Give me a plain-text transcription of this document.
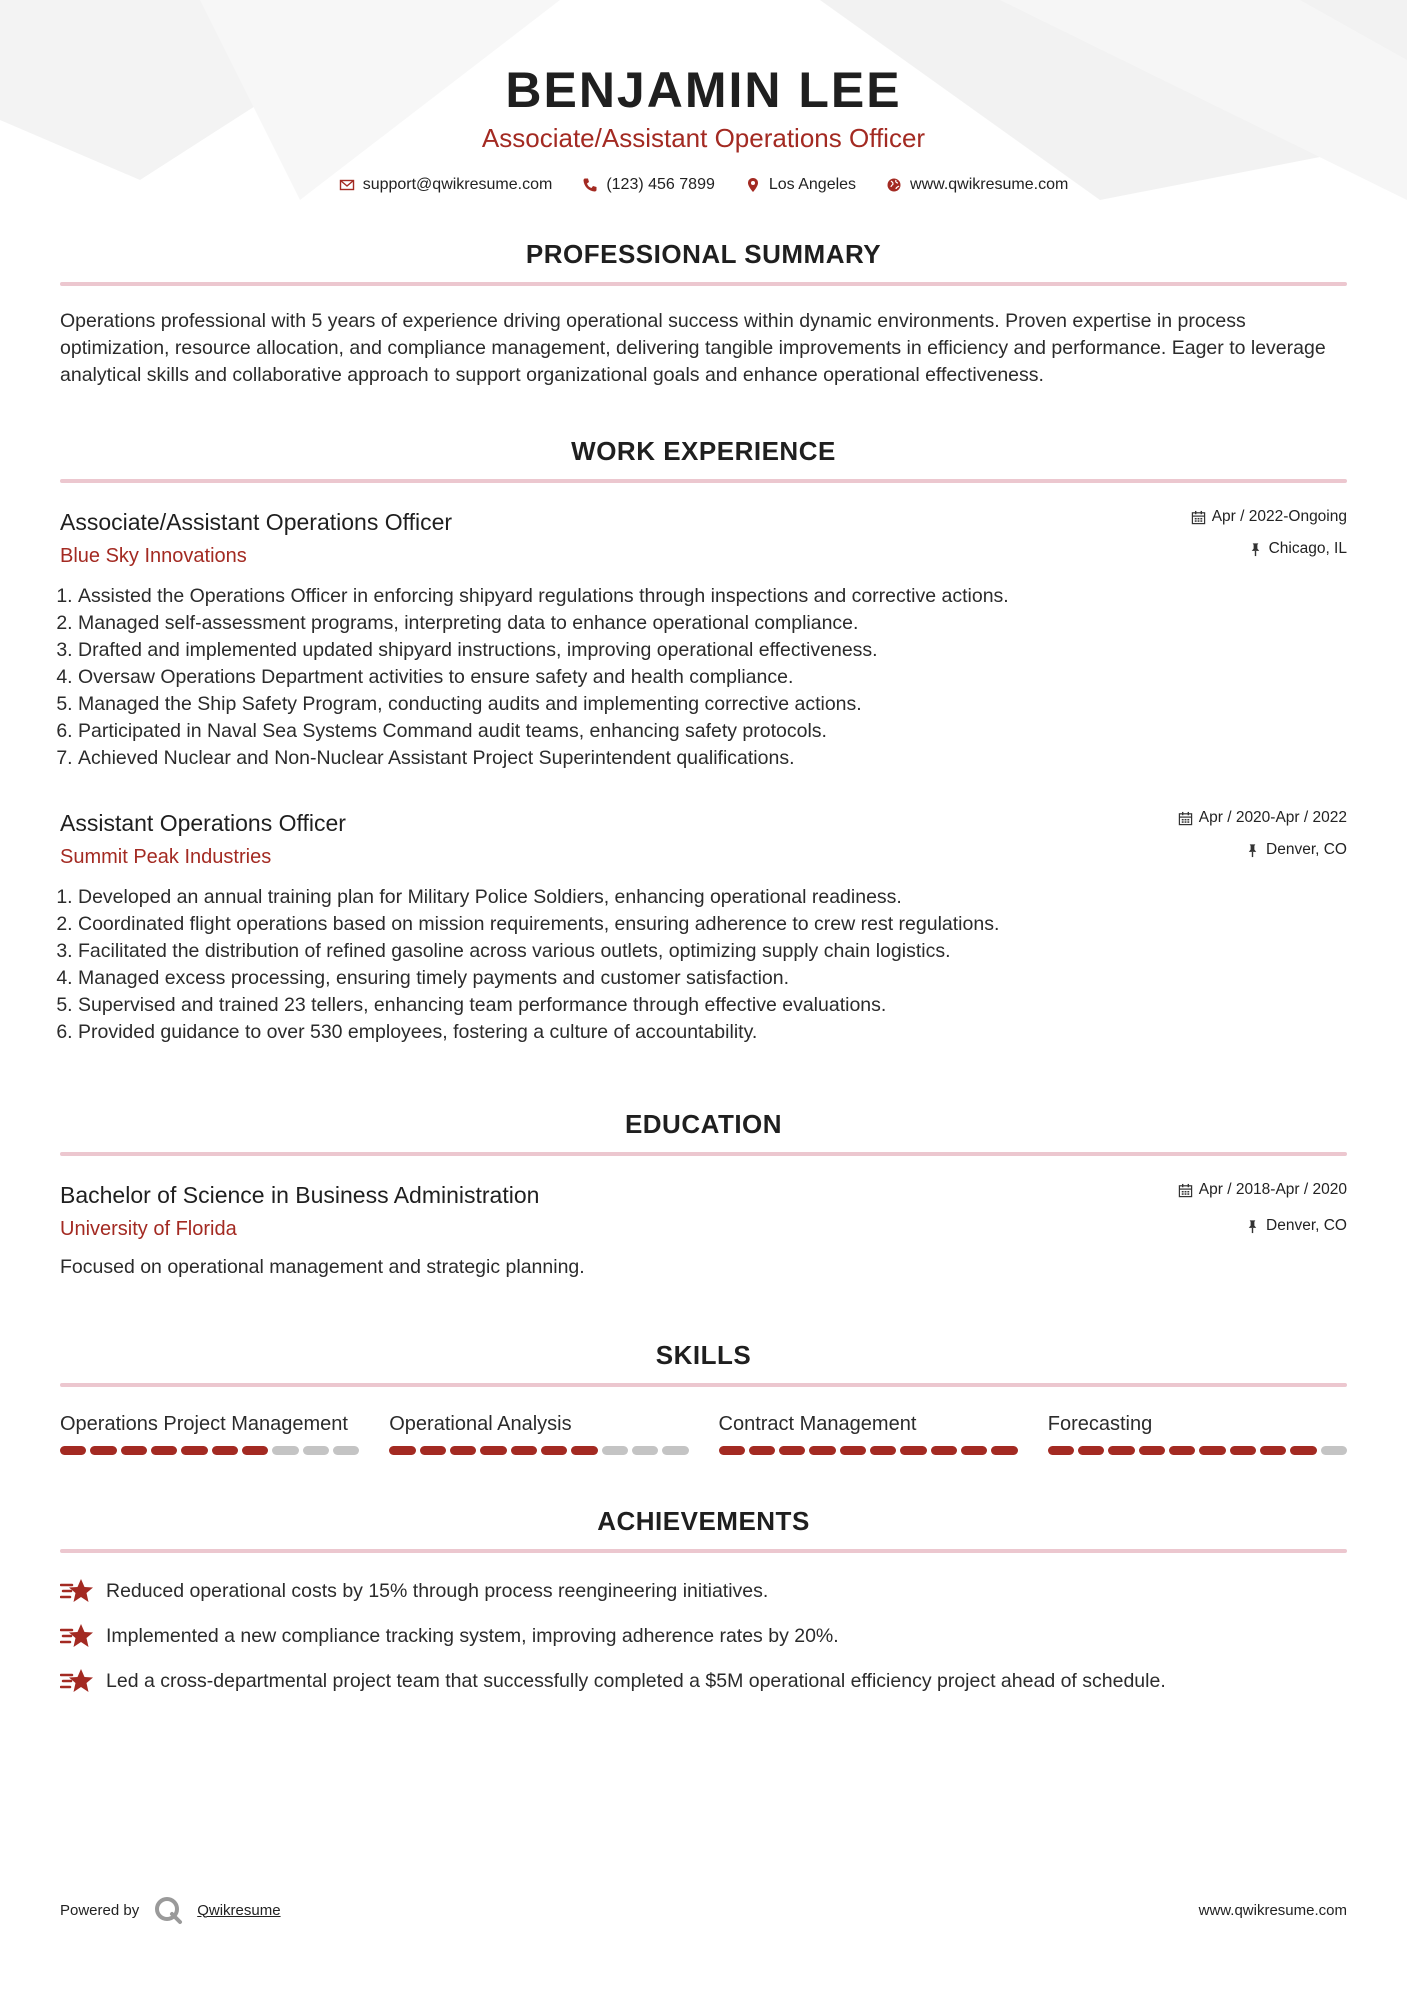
BENJAMIN LEE
Associate/Assistant Operations Officer
support@qwikresume.com	(123) 456 7899	Los Angeles	www.qwikresume.com
PROFESSIONAL SUMMARY
Operations professional with 5 years of experience driving operational success within dynamic environments. Proven expertise in process optimization, resource allocation, and compliance management, delivering tangible improvements in efficiency and performance. Eager to leverage analytical skills and collaborative approach to support organizational goals and enhance operational effectiveness.
WORK EXPERIENCE
Associate/Assistant Operations Officer
Blue Sky Innovations
Apr / 2022-Ongoing
Chicago, IL
1. Assisted the Operations Officer in enforcing shipyard regulations through inspections and corrective actions.
2. Managed self-assessment programs, interpreting data to enhance operational compliance.
3. Drafted and implemented updated shipyard instructions, improving operational effectiveness.
4. Oversaw Operations Department activities to ensure safety and health compliance.
5. Managed the Ship Safety Program, conducting audits and implementing corrective actions.
6. Participated in Naval Sea Systems Command audit teams, enhancing safety protocols.
7. Achieved Nuclear and Non-Nuclear Assistant Project Superintendent qualifications.
Assistant Operations Officer
Summit Peak Industries
Apr / 2020-Apr / 2022
Denver, CO
1. Developed an annual training plan for Military Police Soldiers, enhancing operational readiness.
2. Coordinated flight operations based on mission requirements, ensuring adherence to crew rest regulations.
3. Facilitated the distribution of refined gasoline across various outlets, optimizing supply chain logistics.
4. Managed excess processing, ensuring timely payments and customer satisfaction.
5. Supervised and trained 23 tellers, enhancing team performance through effective evaluations.
6. Provided guidance to over 530 employees, fostering a culture of accountability.
EDUCATION
Bachelor of Science in Business Administration
University of Florida
Apr / 2018-Apr / 2020
Denver, CO
Focused on operational management and strategic planning.
SKILLS
Operations Project Management	Operational Analysis	Contract Management	Forecasting
ACHIEVEMENTS
Reduced operational costs by 15% through process reengineering initiatives.
Implemented a new compliance tracking system, improving adherence rates by 20%.
Led a cross-departmental project team that successfully completed a $5M operational efficiency project ahead of schedule.
Powered by	Qwikresume	www.qwikresume.com
